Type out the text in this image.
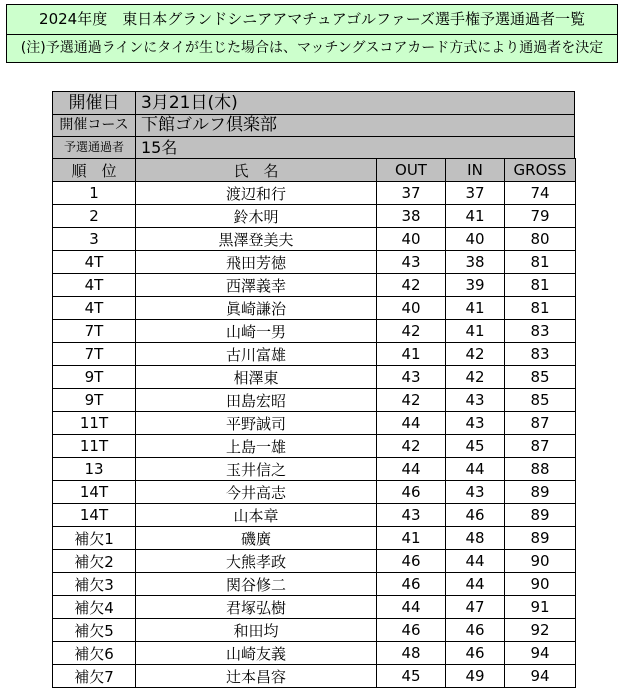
2024年度　東日本グランドシニアアマチュアゴルファーズ選手権予選通過者一覧
(注)予選通過ラインにタイが生じた場合は、マッチングスコアカード方式により通過者を決定
開催日	3月21日(木)
開催コース 下館ゴルフ倶楽部
予選通過者	15名
順　位	氏　名	OUT	IN	GROSS
1	渡辺和行	37	37	74
2	鈴木明	38	41	79
3	黒澤登美夫	40	40	80
4T	飛田芳徳	43	38	81
4T	西澤義幸	42	39	81
4T	眞崎謙治	40	41	81
7T	山崎一男	42	41	83
7T	古川富雄	41	42	83
9T	相澤東	43	42	85
9T	田島宏昭	42	43	85
11T	平野誠司	44	43	87
11T	上島一雄	42	45	87
13	玉井信之	44	44	88
14T	今井高志	46	43	89
14T	山本章	43	46	89
補欠1	磯廣	41	48	89
補欠2	大熊孝政	46	44	90
補欠3	関谷修二	46	44	90
補欠4	君塚弘樹	44	47	91
補欠5	和田均	46	46	92
補欠6	山崎友義	48	46	94
補欠7	辻本昌容	45	49	94
